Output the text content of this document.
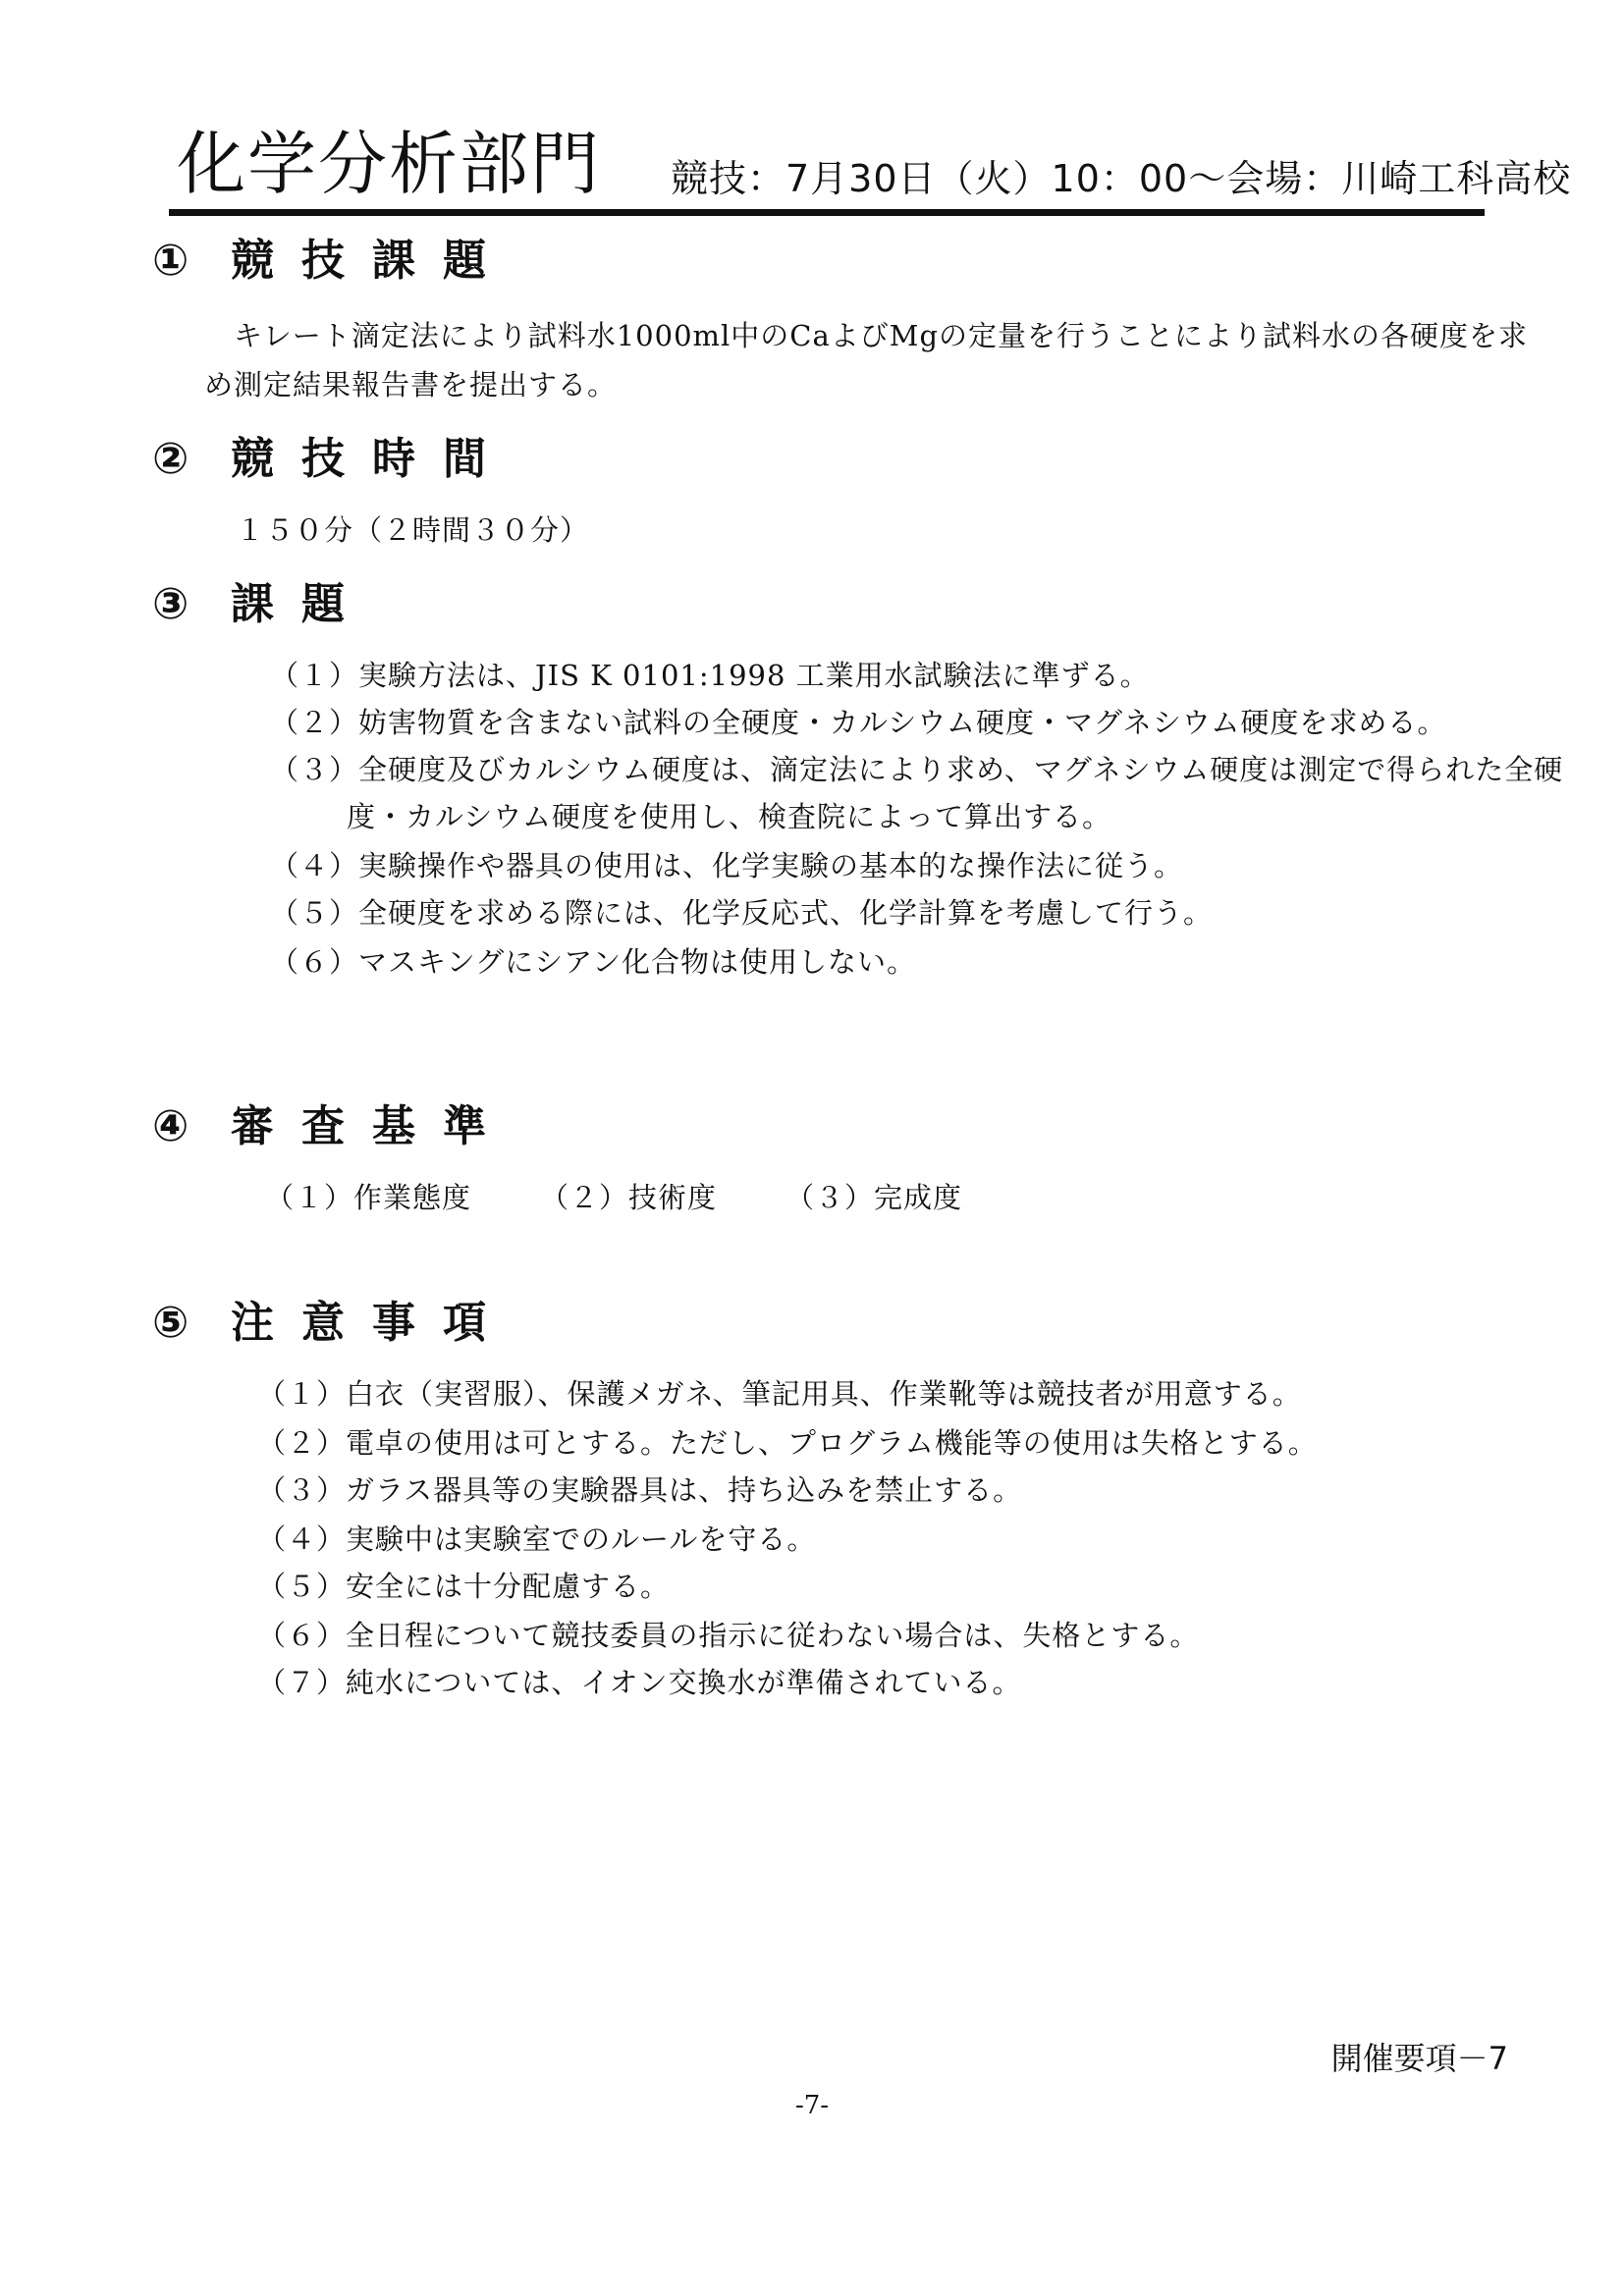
化学分析部門 競技：7月30日（火）10：00～会場：川崎工科高校
① 競技課題
キレート滴定法により試料水1000ml中のCaよびMgの定量を行うことにより試料水の各硬度を求
め測定結果報告書を提出する。
② 競技時間
１５０分（２時間３０分）
③ 課題
（１）実験方法は、JIS K 0101:1998 工業用水試験法に準ずる。
（２）妨害物質を含まない試料の全硬度・カルシウム硬度・マグネシウム硬度を求める。
（３）全硬度及びカルシウム硬度は、滴定法により求め、マグネシウム硬度は測定で得られた全硬
度・カルシウム硬度を使用し、検査院によって算出する。
（４）実験操作や器具の使用は、化学実験の基本的な操作法に従う。
（５）全硬度を求める際には、化学反応式、化学計算を考慮して行う。
（６）マスキングにシアン化合物は使用しない。
④ 審査基準
（１）作業態度 （２）技術度 （３）完成度
⑤ 注意事項
（１）白衣（実習服）、保護メガネ、筆記用具、作業靴等は競技者が用意する。
（２）電卓の使用は可とする。ただし、プログラム機能等の使用は失格とする。
（３）ガラス器具等の実験器具は、持ち込みを禁止する。
（４）実験中は実験室でのルールを守る。
（５）安全には十分配慮する。
（６）全日程について競技委員の指示に従わない場合は、失格とする。
（７）純水については、イオン交換水が準備されている。
開催要項－7
-7-
